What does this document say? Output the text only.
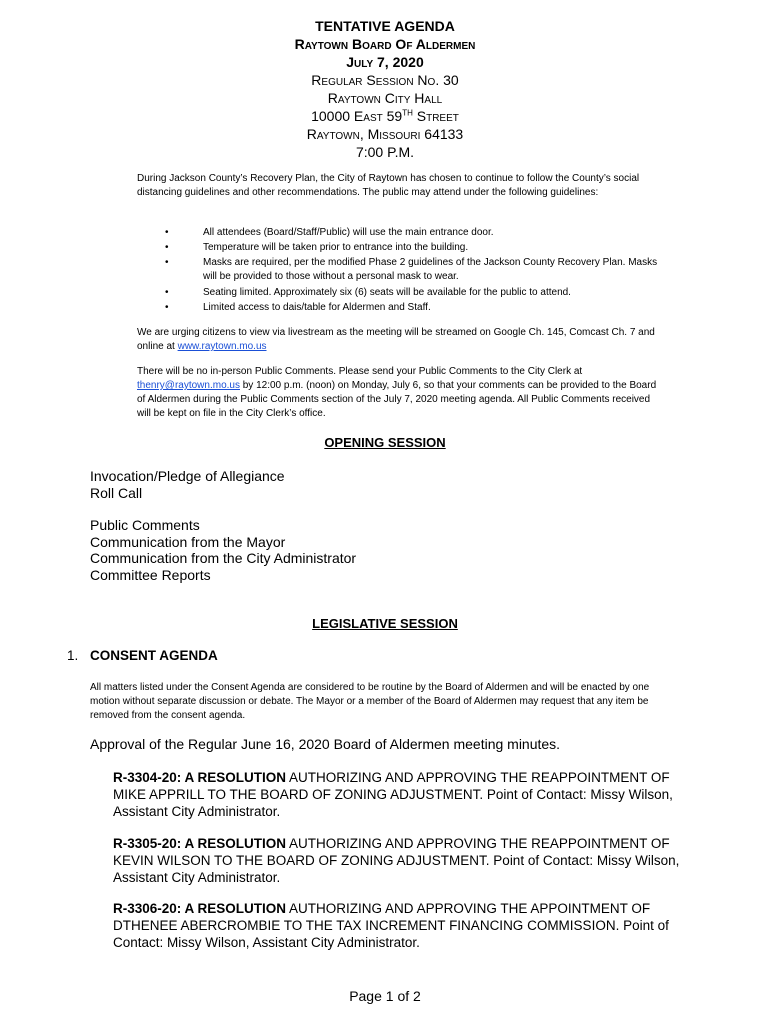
TENTATIVE AGENDA
Raytown Board Of Aldermen
July 7, 2020
Regular Session No. 30
Raytown City Hall
10000 East 59TH Street
Raytown, Missouri 64133
7:00 P.M.
During Jackson County’s Recovery Plan, the City of Raytown has chosen to continue to follow the County’s social distancing guidelines and other recommendations. The public may attend under the following guidelines:
•	All attendees (Board/Staff/Public) will use the main entrance door.
•	Temperature will be taken prior to entrance into the building.
•	Masks are required, per the modified Phase 2 guidelines of the Jackson County Recovery Plan. Masks will be provided to those without a personal mask to wear.
•	Seating limited. Approximately six (6) seats will be available for the public to attend.
•	Limited access to dais/table for Aldermen and Staff.
We are urging citizens to view via livestream as the meeting will be streamed on Google Ch. 145, Comcast Ch. 7 and online at www.raytown.mo.us
There will be no in-person Public Comments. Please send your Public Comments to the City Clerk at thenry@raytown.mo.us by 12:00 p.m. (noon) on Monday, July 6, so that your comments can be provided to the Board of Aldermen during the Public Comments section of the July 7, 2020 meeting agenda. All Public Comments received will be kept on file in the City Clerk’s office.
OPENING SESSION
Invocation/Pledge of Allegiance
Roll Call
Public Comments
Communication from the Mayor
Communication from the City Administrator
Committee Reports
LEGISLATIVE SESSION
1. CONSENT AGENDA
All matters listed under the Consent Agenda are considered to be routine by the Board of Aldermen and will be enacted by one motion without separate discussion or debate. The Mayor or a member of the Board of Aldermen may request that any item be removed from the consent agenda.
Approval of the Regular June 16, 2020 Board of Aldermen meeting minutes.
R-3304-20: A RESOLUTION AUTHORIZING AND APPROVING THE REAPPOINTMENT OF MIKE APPRILL TO THE BOARD OF ZONING ADJUSTMENT. Point of Contact: Missy Wilson, Assistant City Administrator.
R-3305-20: A RESOLUTION AUTHORIZING AND APPROVING THE REAPPOINTMENT OF KEVIN WILSON TO THE BOARD OF ZONING ADJUSTMENT. Point of Contact: Missy Wilson, Assistant City Administrator.
R-3306-20: A RESOLUTION AUTHORIZING AND APPROVING THE APPOINTMENT OF DTHENEE ABERCROMBIE TO THE TAX INCREMENT FINANCING COMMISSION. Point of Contact: Missy Wilson, Assistant City Administrator.
Page 1 of 2
